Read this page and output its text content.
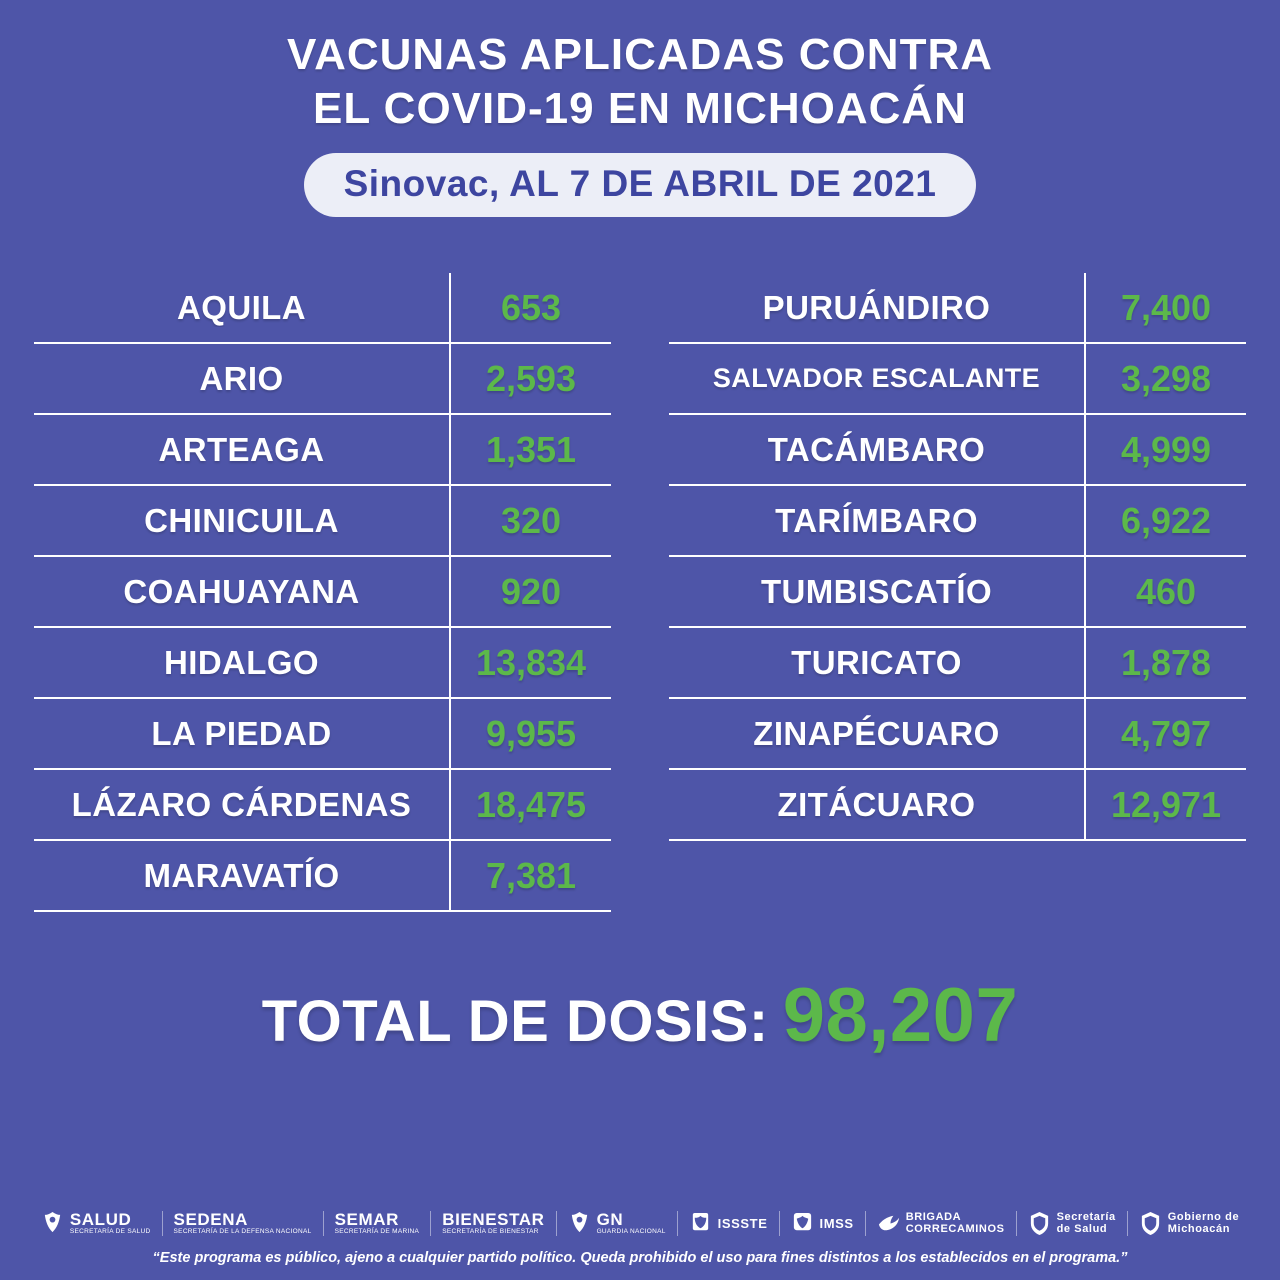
VACUNAS APLICADAS CONTRA
EL COVID-19 EN MICHOACÁN
Sinovac, AL 7 DE ABRIL DE 2021
AQUILA	653
ARIO	2,593
ARTEAGA	1,351
CHINICUILA	320
COAHUAYANA	920
HIDALGO	13,834
LA PIEDAD	9,955
LÁZARO CÁRDENAS	18,475
MARAVATÍO	7,381
PURUÁNDIRO	7,400
SALVADOR ESCALANTE	3,298
TACÁMBARO	4,999
TARÍMBARO	6,922
TUMBISCATÍO	460
TURICATO	1,878
ZINAPÉCUARO	4,797
ZITÁCUARO	12,971
TOTAL DE DOSIS: 98,207
SALUD
SECRETARÍA DE SALUD
SEDENA
SECRETARÍA DE LA DEFENSA NACIONAL
SEMAR
SECRETARÍA DE MARINA
BIENESTAR
SECRETARÍA DE BIENESTAR
GN
GUARDIA NACIONAL
ISSSTE	IMSS	BRIGADA
CORRECAMINOS
Secretaría
de Salud
Gobierno de
Michoacán
“Este programa es público, ajeno a cualquier partido político. Queda prohibido el uso para fines distintos a los establecidos en el programa.”
